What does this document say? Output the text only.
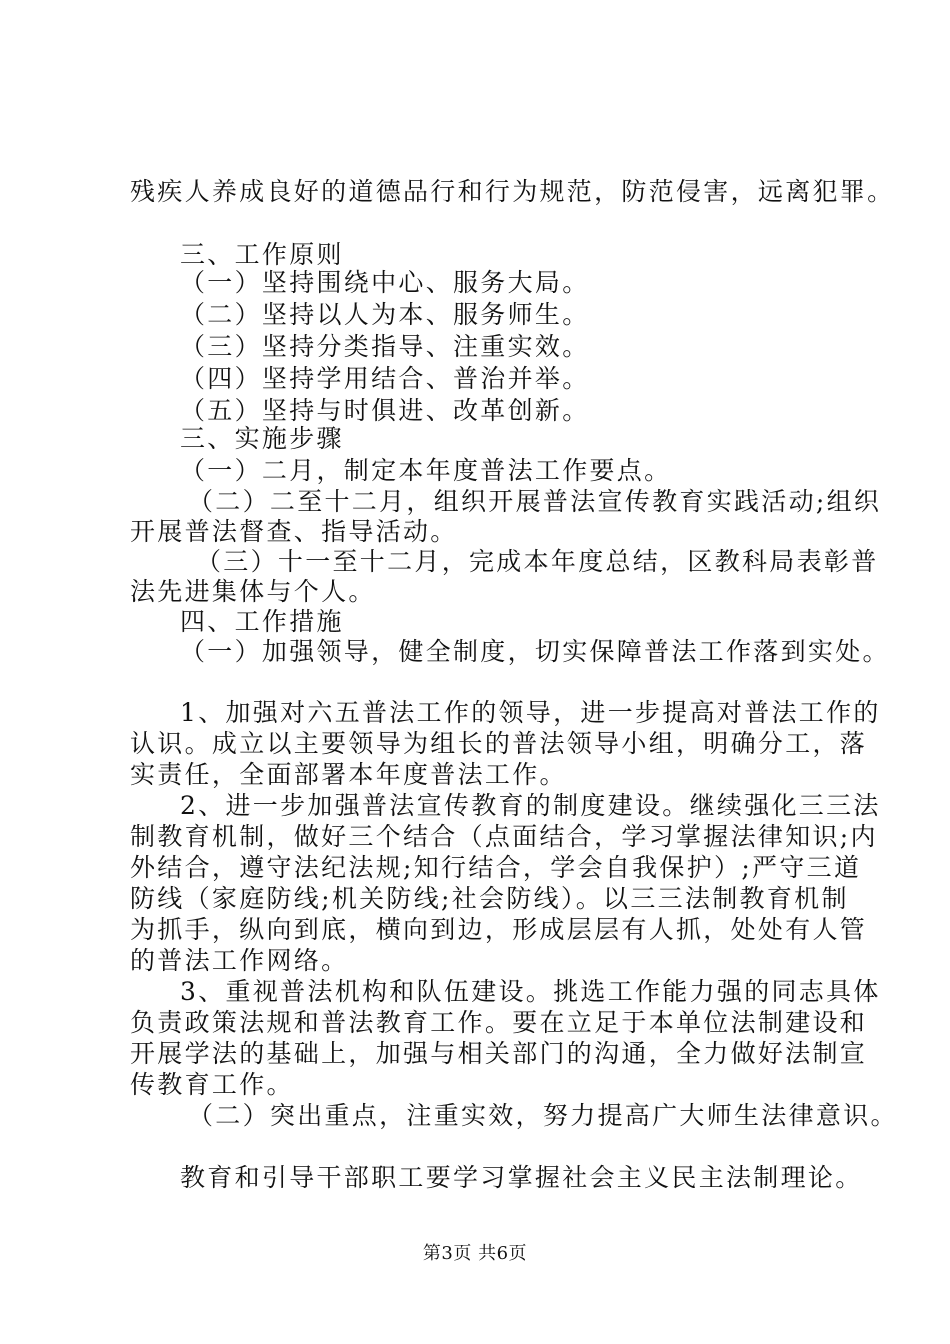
残疾人养成良好的道德品行和行为规范，防范侵害，远离犯罪。
三、工作原则
（一）坚持围绕中心、服务大局。
（二）坚持以人为本、服务师生。
（三）坚持分类指导、注重实效。
（四）坚持学用结合、普治并举。
（五）坚持与时俱进、改革创新。
三、实施步骤
（一）二月，制定本年度普法工作要点。
（二）二至十二月，组织开展普法宣传教育实践活动;组织
开展普法督查、指导活动。
（三）十一至十二月，完成本年度总结，区教科局表彰普
法先进集体与个人。
四、工作措施
（一）加强领导，健全制度，切实保障普法工作落到实处。
1、加强对六五普法工作的领导，进一步提高对普法工作的
认识。成立以主要领导为组长的普法领导小组，明确分工，落
实责任，全面部署本年度普法工作。
2、进一步加强普法宣传教育的制度建设。继续强化三三法
制教育机制，做好三个结合（点面结合，学习掌握法律知识;内
外结合，遵守法纪法规;知行结合，学会自我保护）;严守三道
防线（家庭防线;机关防线;社会防线）。以三三法制教育机制
为抓手，纵向到底，横向到边，形成层层有人抓，处处有人管
的普法工作网络。
3、重视普法机构和队伍建设。挑选工作能力强的同志具体
负责政策法规和普法教育工作。要在立足于本单位法制建设和
开展学法的基础上，加强与相关部门的沟通，全力做好法制宣
传教育工作。
（二）突出重点，注重实效，努力提高广大师生法律意识。
教育和引导干部职工要学习掌握社会主义民主法制理论。
第3页 共6页
